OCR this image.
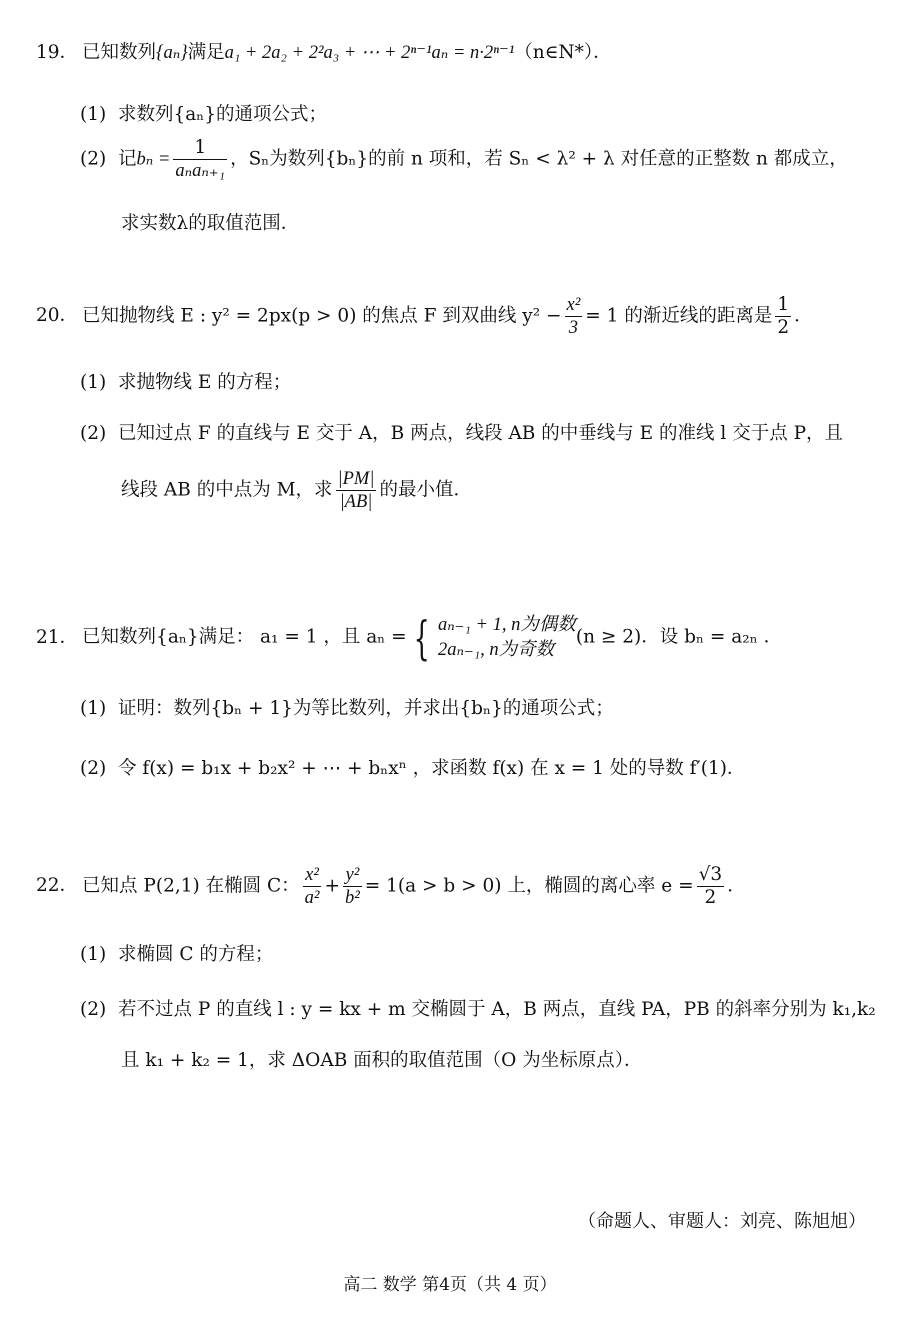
19． 已知数列{aₙ}满足a₁ + 2a₂ + 2²a₃ + ⋯ + 2ⁿ⁻¹aₙ = n·2ⁿ⁻¹（n∈N*）．
(1) 求数列{aₙ}的通项公式；
(2) 记$b_n = \frac{1}{\text{aₙaₙ₊₁}}$ ，Sₙ为数列{bₙ}的前 n 项和，若 Sₙ < λ² + λ 对任意的正整数 n 都成立，
求实数λ的取值范围．
20． 已知抛物线 E : y² = 2px(p > 0) 的焦点 F 到双曲线 $y^2 - \frac{\text{x²}}{3} = 1$ 的渐近线的距离是 $\frac{1}{2}$ ．
(1) 求抛物线 E 的方程；
(2) 已知过点 F 的直线与 E 交于 A，B 两点，线段 AB 的中垂线与 E 的准线 l 交于点 P，且
线段 AB 的中点为 M，求 $\frac{|PM|}{|AB|}$ 的最小值．
21． 已知数列{aₙ}满足： a₁ = 1 ，且 aₙ = { aₙ₋₁ + 1, n为偶数
2aₙ₋₁, n为奇数
(n ≥ 2)．设 bₙ = a₂ₙ ．
(1) 证明：数列{bₙ + 1}为等比数列，并求出{bₙ}的通项公式；
(2) 令 f(x) = b₁x + b₂x² + ⋯ + bₙxⁿ ，求函数 f(x) 在 x = 1 处的导数 f′(1)．
22． 已知点 P(2,1) 在椭圆 C： $\frac{\text{x²}}{\text{a²}} + \frac{\text{y²}}{\text{b²}} = 1(a > b > 0)$ 上，椭圆的离心率 $e = \frac{√3}{2}$ ．
(1) 求椭圆 C 的方程；
(2) 若不过点 P 的直线 l : y = kx + m 交椭圆于 A，B 两点，直线 PA，PB 的斜率分别为 k₁,k₂
且 k₁ + k₂ = 1，求 ΔOAB 面积的取值范围（O 为坐标原点）．
（命题人、审题人：刘亮、陈旭旭）
高二 数学 第4页（共 4 页）
